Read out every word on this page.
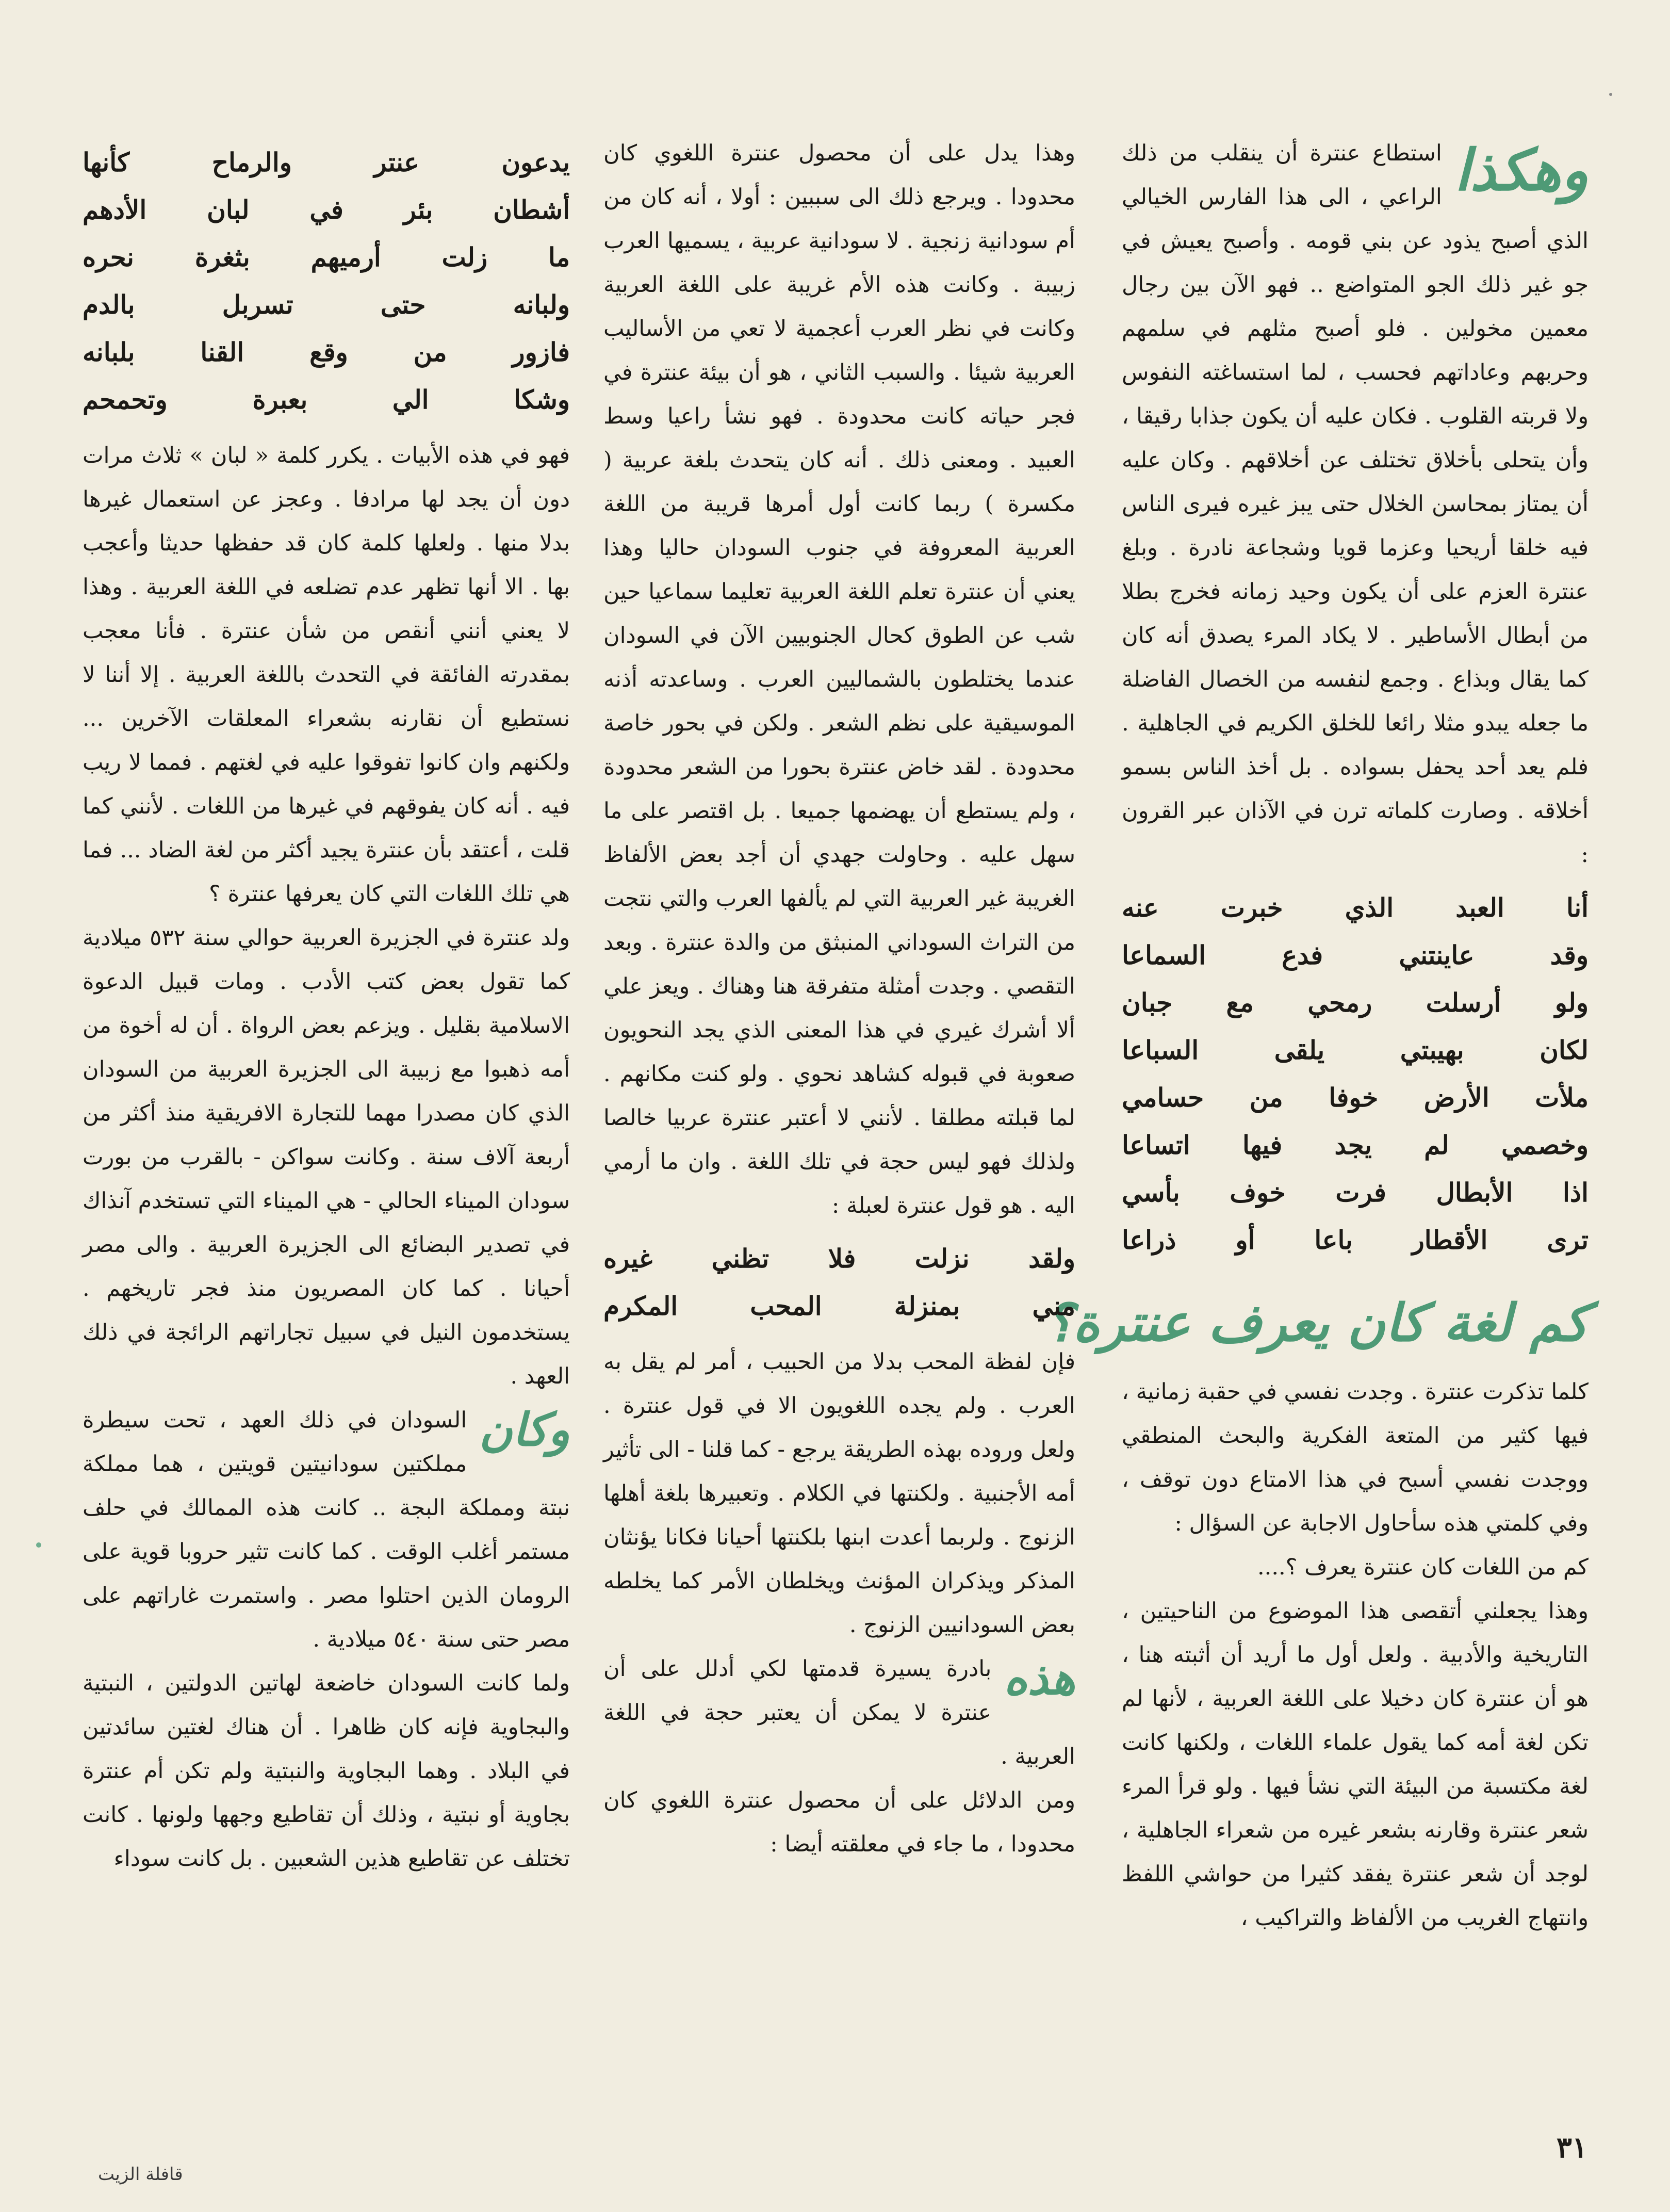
وهكذا
استطاع عنترة أن ينقلب من ذلك الراعي ، الى هذا الفارس الخيالي الذي أصبح يذود عن بني قومه . وأصبح يعيش في جو غير ذلك الجو المتواضع .. فهو الآن بين رجال معمين مخولين . فلو أصبح مثلهم في سلمهم وحربهم وعاداتهم فحسب ، لما استساغته النفوس ولا قربته القلوب . فكان عليه أن يكون جذابا رقيقا ، وأن يتحلى بأخلاق تختلف عن أخلاقهم . وكان عليه أن يمتاز بمحاسن الخلال حتى يبز غيره فيرى الناس فيه خلقا أريحيا وعزما قويا وشجاعة نادرة . وبلغ عنترة العزم على أن يكون وحيد زمانه فخرج بطلا من أبطال الأساطير . لا يكاد المرء يصدق أنه كان كما يقال وبذاع . وجمع لنفسه من الخصال الفاضلة ما جعله يبدو مثلا رائعا للخلق الكريم في الجاهلية . فلم يعد أحد يحفل بسواده . بل أخذ الناس بسمو أخلاقه . وصارت كلماته ترن في الآذان عبر القرون :

أنا العبد الذي خبرت عنه
وقد عاينتني فدع السماعا
ولو أرسلت رمحي مع جبان
لكان بهيبتي يلقى السباعا
ملأت الأرض خوفا من حسامي
وخصمي لم يجد فيها اتساعا
اذا الأبطال فرت خوف بأسي
ترى الأقطار باعا أو ذراعا
كم لغة كان يعرف عنترة؟

كلما تذكرت عنترة . وجدت نفسي في حقبة زمانية ، فيها كثير من المتعة الفكرية والبحث المنطقي ووجدت نفسي أسبح في هذا الامتاع دون توقف ، وفي كلمتي هذه سأحاول الاجابة عن السؤال :

كم من اللغات كان عنترة يعرف ؟....

وهذا يجعلني أتقصى هذا الموضوع من الناحيتين ، التاريخية والأدبية . ولعل أول ما أريد أن أثبته هنا ، هو أن عنترة كان دخيلا على اللغة العربية ، لأنها لم تكن لغة أمه كما يقول علماء اللغات ، ولكنها كانت لغة مكتسبة من البيئة التي نشأ فيها . ولو قرأ المرء شعر عنترة وقارنه بشعر غيره من شعراء الجاهلية ، لوجد أن شعر عنترة يفقد كثيرا من حواشي اللفظ وانتهاج الغريب من الألفاظ والتراكيب ،

وهذا يدل على أن محصول عنترة اللغوي كان محدودا . ويرجع ذلك الى سببين : أولا ، أنه كان من أم سودانية زنجية . لا سودانية عربية ، يسميها العرب زبيبة . وكانت هذه الأم غريبة على اللغة العربية وكانت في نظر العرب أعجمية لا تعي من الأساليب العربية شيئا . والسبب الثاني ، هو أن بيئة عنترة في فجر حياته كانت محدودة . فهو نشأ راعيا وسط العبيد . ومعنى ذلك . أنه كان يتحدث بلغة عربية ( مكسرة ) ربما كانت أول أمرها قريبة من اللغة العربية المعروفة في جنوب السودان حاليا وهذا يعني أن عنترة تعلم اللغة العربية تعليما سماعيا حين شب عن الطوق كحال الجنوبيين الآن في السودان عندما يختلطون بالشماليين العرب . وساعدته أذنه الموسيقية على نظم الشعر . ولكن في بحور خاصة محدودة . لقد خاض عنترة بحورا من الشعر محدودة ، ولم يستطع أن يهضمها جميعا . بل اقتصر على ما سهل عليه . وحاولت جهدي أن أجد بعض الألفاظ الغريبة غير العربية التي لم يألفها العرب والتي نتجت من التراث السوداني المنبثق من والدة عنترة . وبعد التقصي . وجدت أمثلة متفرقة هنا وهناك . ويعز علي ألا أشرك غيري في هذا المعنى الذي يجد النحويون صعوبة في قبوله كشاهد نحوي . ولو كنت مكانهم . لما قبلته مطلقا . لأنني لا أعتبر عنترة عربيا خالصا ولذلك فهو ليس حجة في تلك اللغة . وان ما أرمي اليه . هو قول عنترة لعبلة :

ولقد نزلت فلا تظني غيره
مني بمنزلة المحب المكرم

فإن لفظة المحب بدلا من الحبيب ، أمر لم يقل به العرب . ولم يجده اللغويون الا في قول عنترة . ولعل وروده بهذه الطريقة يرجع - كما قلنا - الى تأثير أمه الأجنبية . ولكنتها في الكلام . وتعبيرها بلغة أهلها الزنوج . ولربما أعدت ابنها بلكنتها أحيانا فكانا يؤنثان المذكر ويذكران المؤنث ويخلطان الأمر كما يخلطه بعض السودانيين الزنوج .

هذه
بادرة يسيرة قدمتها لكي أدلل على أن عنترة لا يمكن أن يعتبر حجة في اللغة العربية .

ومن الدلائل على أن محصول عنترة اللغوي كان محدودا ، ما جاء في معلقته أيضا :

يدعون عنتر والرماح كأنها
أشطان بئر في لبان الأدهم
ما زلت أرميهم بثغرة نحره
ولبانه حتى تسربل بالدم
فازور من وقع القنا بلبانه
وشكا الي بعبرة وتحمحم

فهو في هذه الأبيات . يكرر كلمة « لبان » ثلاث مرات دون أن يجد لها مرادفا . وعجز عن استعمال غيرها بدلا منها . ولعلها كلمة كان قد حفظها حديثا وأعجب بها . الا أنها تظهر عدم تضلعه في اللغة العربية . وهذا لا يعني أنني أنقص من شأن عنترة . فأنا معجب بمقدرته الفائقة في التحدث باللغة العربية . إلا أننا لا نستطيع أن نقارنه بشعراء المعلقات الآخرين ... ولكنهم وان كانوا تفوقوا عليه في لغتهم . فمما لا ريب فيه . أنه كان يفوقهم في غيرها من اللغات . لأنني كما قلت ، أعتقد بأن عنترة يجيد أكثر من لغة الضاد ... فما هي تلك اللغات التي كان يعرفها عنترة ؟

ولد عنترة في الجزيرة العربية حوالي سنة ٥٣٢ ميلادية كما تقول بعض كتب الأدب . ومات قبيل الدعوة الاسلامية بقليل . ويزعم بعض الرواة . أن له أخوة من أمه ذهبوا مع زبيبة الى الجزيرة العربية من السودان الذي كان مصدرا مهما للتجارة الافريقية منذ أكثر من أربعة آلاف سنة . وكانت سواكن - بالقرب من بورت سودان الميناء الحالي - هي الميناء التي تستخدم آنذاك في تصدير البضائع الى الجزيرة العربية . والى مصر أحيانا . كما كان المصريون منذ فجر تاريخهم . يستخدمون النيل في سبيل تجاراتهم الرائجة في ذلك العهد .

وكان
السودان في ذلك العهد ، تحت سيطرة مملكتين سودانيتين قويتين ، هما مملكة نبتة ومملكة البجة .. كانت هذه الممالك في حلف مستمر أغلب الوقت . كما كانت تثير حروبا قوية على الرومان الذين احتلوا مصر . واستمرت غاراتهم على مصر حتى سنة ٥٤٠ ميلادية .

ولما كانت السودان خاضعة لهاتين الدولتين ، النبتية والبجاوية فإنه كان ظاهرا . أن هناك لغتين سائدتين في البلاد . وهما البجاوية والنبتية ولم تكن أم عنترة بجاوية أو نبتية ، وذلك أن تقاطيع وجهها ولونها . كانت تختلف عن تقاطيع هذين الشعبين . بل كانت سوداء

٣١
قافلة الزيت
